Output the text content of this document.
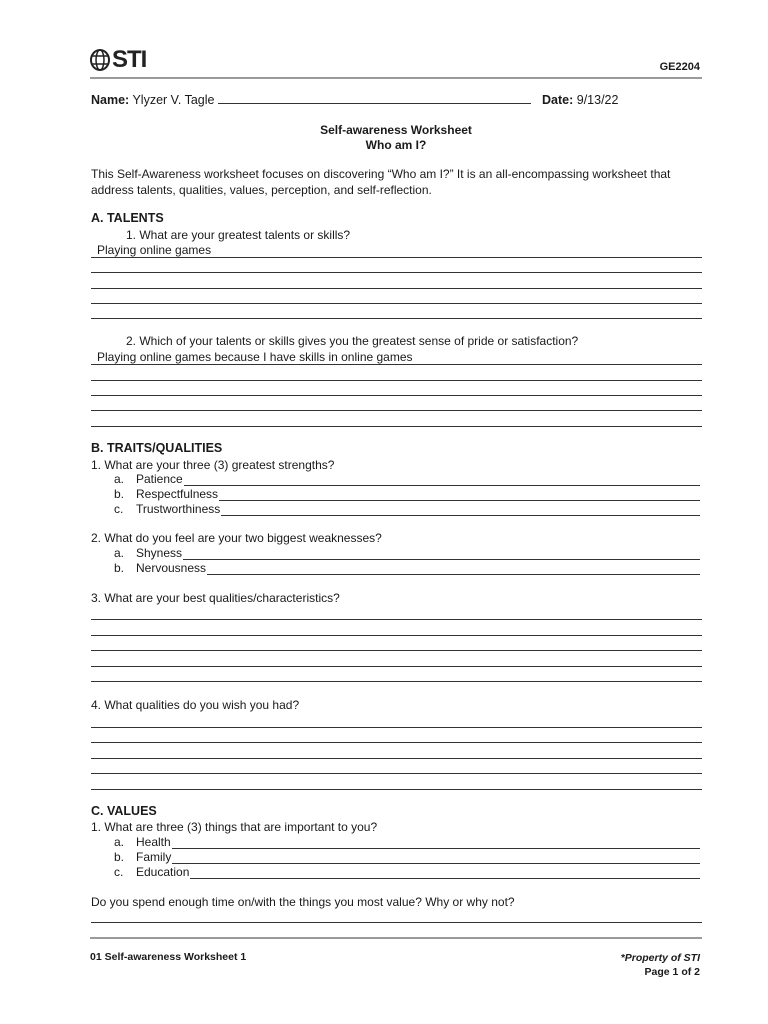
STI	GE2204
Name: Ylyzer V. Tagle	Date: 9/13/22
Self-awareness Worksheet
Who am I?
This Self-Awareness worksheet focuses on discovering “Who am I?” It is an all-encompassing worksheet that address talents, qualities, values, perception, and self-reflection.
A. TALENTS
1. What are your greatest talents or skills?
Playing online games
2. Which of your talents or skills gives you the greatest sense of pride or satisfaction?
Playing online games because I have skills in online games
B. TRAITS/QUALITIES
1. What are your three (3) greatest strengths?
a. Patience
b. Respectfulness
c.	Trustworthiness
2. What do you feel are your two biggest weaknesses?
a. Shyness
b. Nervousness
3. What are your best qualities/characteristics?
4. What qualities do you wish you had?
C. VALUES
1. What are three (3) things that are important to you?
a. Health
b. Family
c.	Education
Do you spend enough time on/with the things you most value? Why or why not?
01 Self-awareness Worksheet 1	*Property of STI
Page 1 of 2
